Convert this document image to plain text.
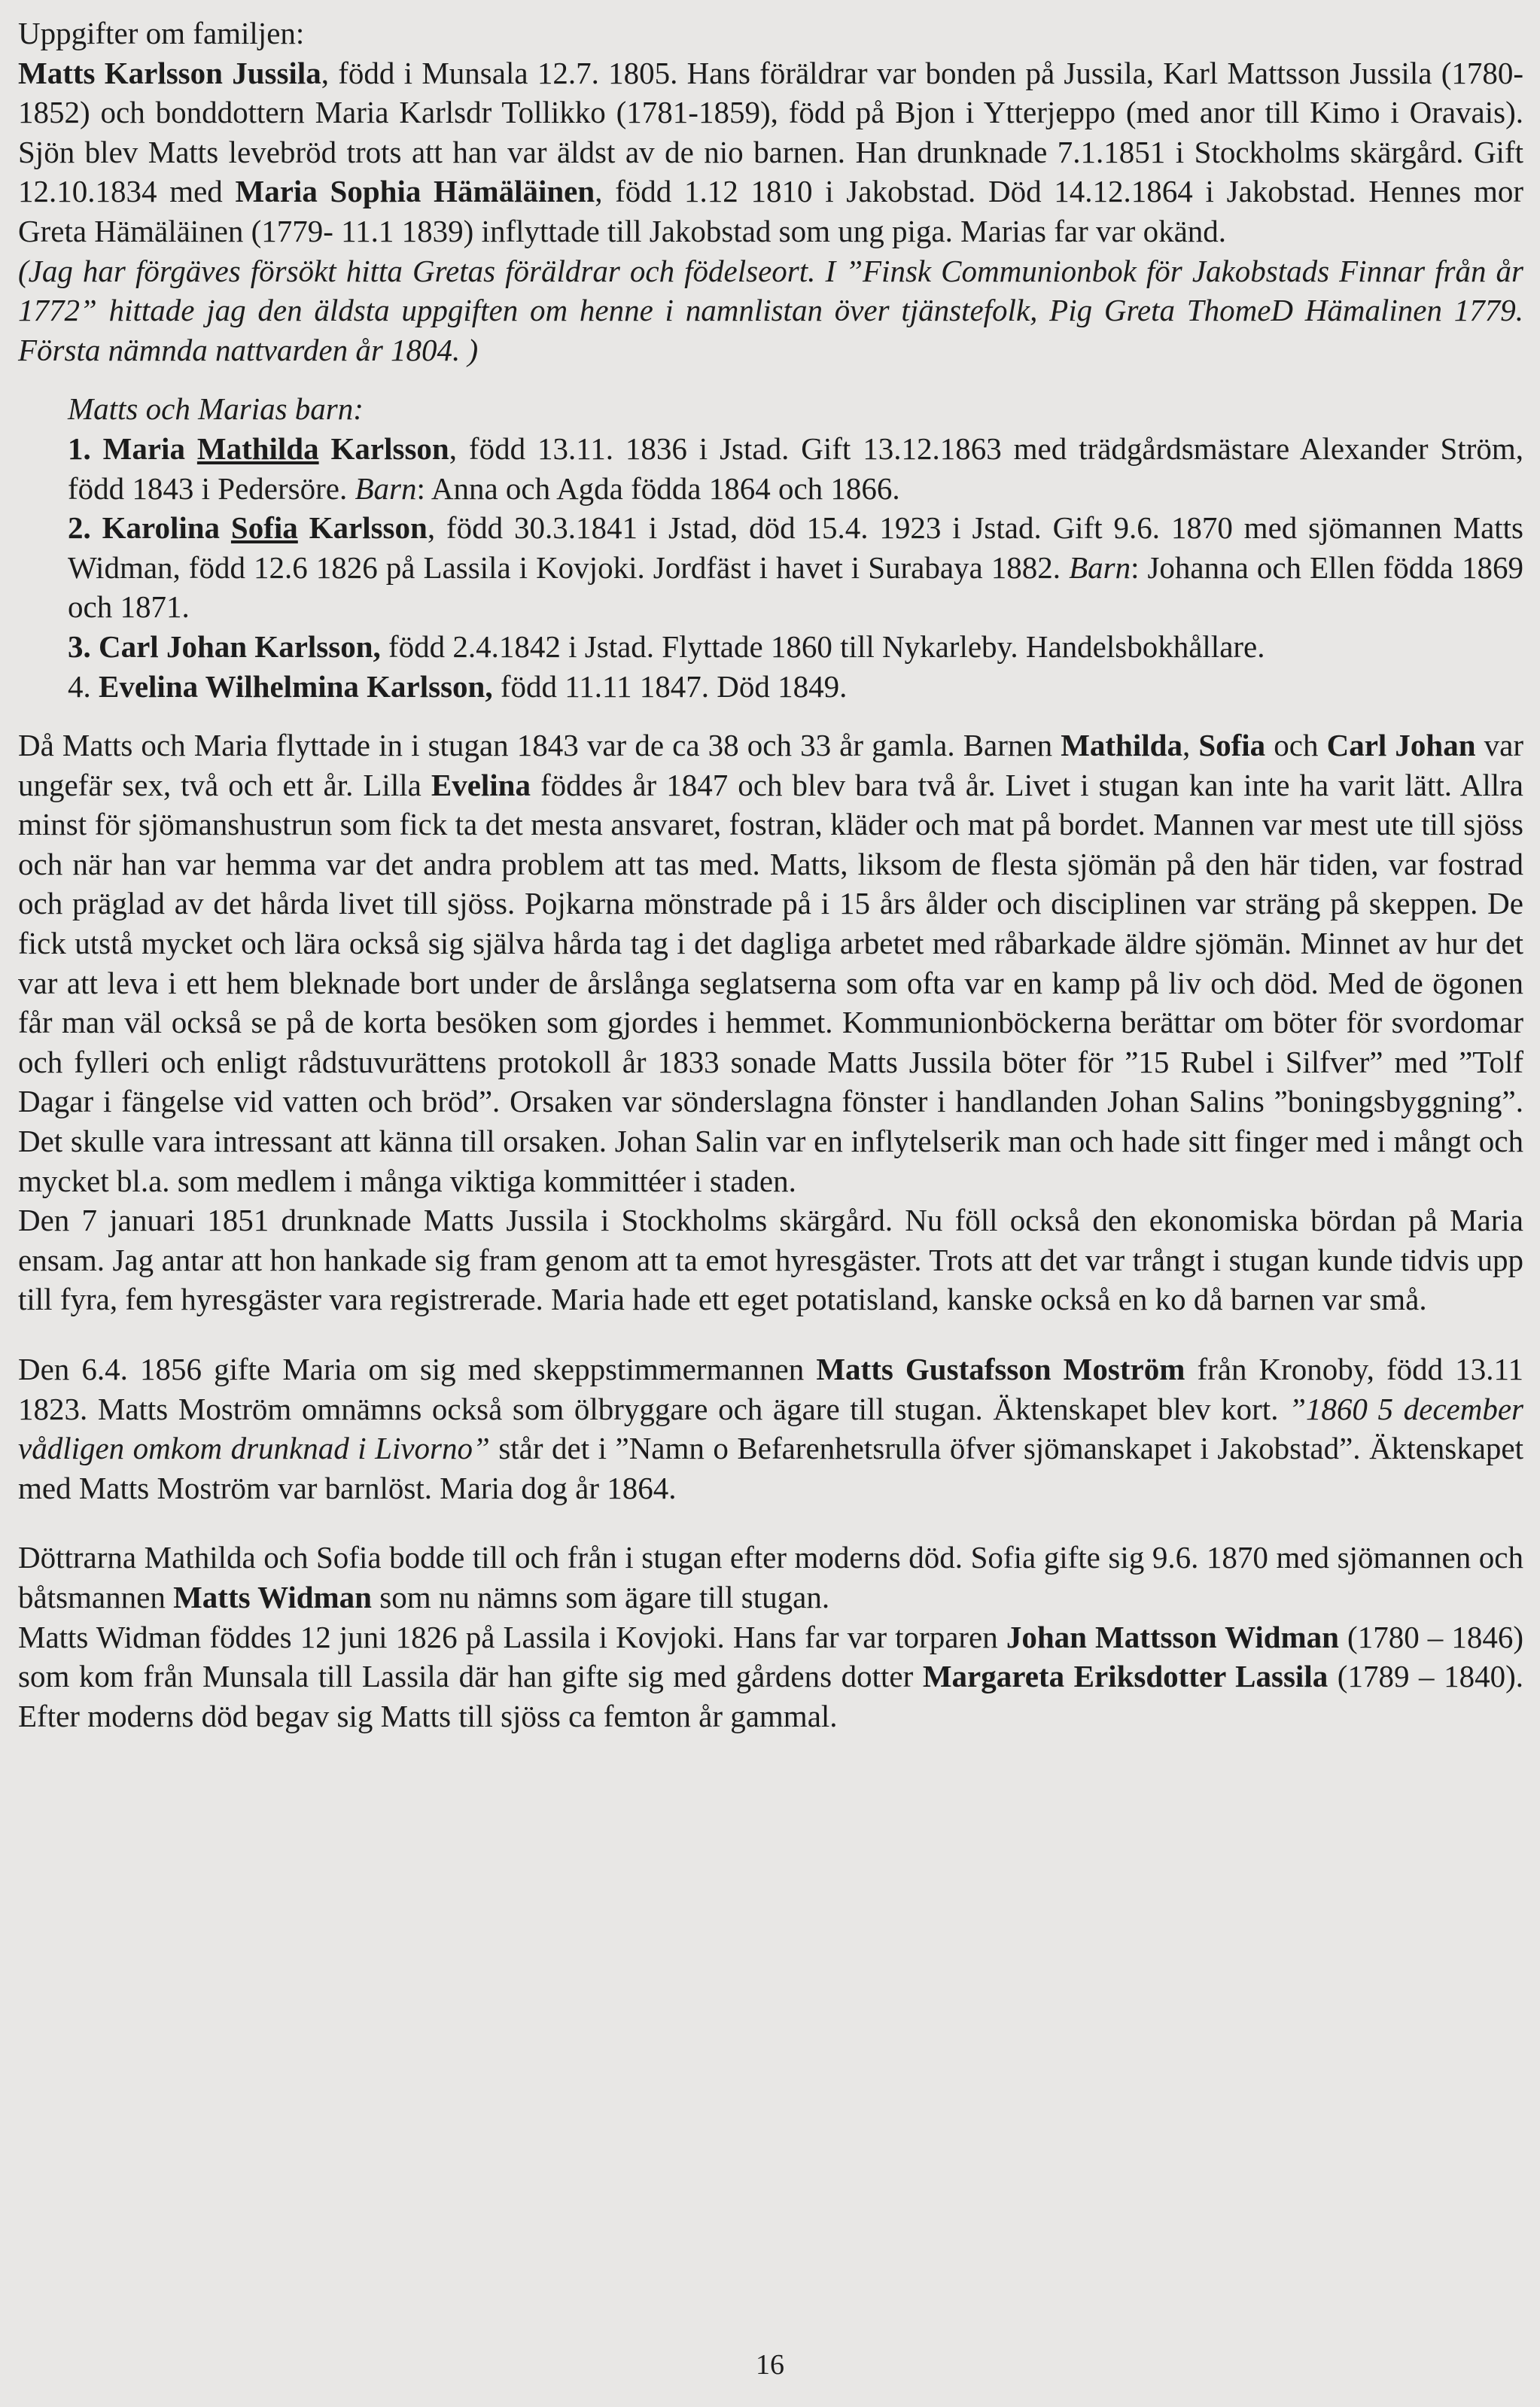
Uppgifter om familjen:

Matts Karlsson Jussila, född i Munsala 12.7. 1805. Hans föräldrar var bonden på Jussila, Karl Mattsson Jussila (1780-1852) och bonddottern Maria Karlsdr Tollikko (1781-1859), född på Bjon i Ytterjeppo (med anor till Kimo i Oravais). Sjön blev Matts levebröd trots att han var äldst av de nio barnen. Han drunknade 7.1.1851 i Stockholms skärgård. Gift 12.10.1834 med Maria Sophia Hämäläinen, född 1.12 1810 i Jakobstad. Död 14.12.1864 i Jakobstad. Hennes mor Greta Hämäläinen (1779- 11.1 1839) inflyttade till Jakobstad som ung piga. Marias far var okänd.

(Jag har förgäves försökt hitta Gretas föräldrar och födelseort. I ”Finsk Communionbok för Jakobstads Finnar från år 1772” hittade jag den äldsta uppgiften om henne i namnlistan över tjänstefolk, Pig Greta ThomeD Hämalinen 1779. Första nämnda nattvarden år 1804. )

Matts och Marias barn:

1. Maria Mathilda Karlsson, född 13.11. 1836 i Jstad. Gift 13.12.1863 med trädgårdsmästare Alexander Ström, född 1843 i Pedersöre. Barn: Anna och Agda födda 1864 och 1866.

2. Karolina Sofia Karlsson, född 30.3.1841 i Jstad, död 15.4. 1923 i Jstad. Gift 9.6. 1870 med sjömannen Matts Widman, född 12.6 1826 på Lassila i Kovjoki. Jordfäst i havet i Surabaya 1882. Barn: Johanna och Ellen födda 1869 och 1871.

3. Carl Johan Karlsson, född 2.4.1842 i Jstad. Flyttade 1860 till Nykarleby. Handelsbokhållare.

4. Evelina Wilhelmina Karlsson, född 11.11 1847. Död 1849.

Då Matts och Maria flyttade in i stugan 1843 var de ca 38 och 33 år gamla. Barnen Mathilda, Sofia och Carl Johan var ungefär sex, två och ett år. Lilla Evelina föddes år 1847 och blev bara två år. Livet i stugan kan inte ha varit lätt. Allra minst för sjömanshustrun som fick ta det mesta ansvaret, fostran, kläder och mat på bordet. Mannen var mest ute till sjöss och när han var hemma var det andra problem att tas med. Matts, liksom de flesta sjömän på den här tiden, var fostrad och präglad av det hårda livet till sjöss. Pojkarna mönstrade på i 15 års ålder och disciplinen var sträng på skeppen. De fick utstå mycket och lära också sig själva hårda tag i det dagliga arbetet med råbarkade äldre sjömän. Minnet av hur det var att leva i ett hem bleknade bort under de årslånga seglatserna som ofta var en kamp på liv och död. Med de ögonen får man väl också se på de korta besöken som gjordes i hemmet. Kommunionböckerna berättar om böter för svordomar och fylleri och enligt rådstuvurättens protokoll år 1833 sonade Matts Jussila böter för ”15 Rubel i Silfver” med ”Tolf Dagar i fängelse vid vatten och bröd”. Orsaken var sönderslagna fönster i handlanden Johan Salins ”boningsbyggning”. Det skulle vara intressant att känna till orsaken. Johan Salin var en inflytelserik man och hade sitt finger med i mångt och mycket bl.a. som medlem i många viktiga kommittéer i staden.

Den 7 januari 1851 drunknade Matts Jussila i Stockholms skärgård. Nu föll också den ekonomiska bördan på Maria ensam. Jag antar att hon hankade sig fram genom att ta emot hyresgäster. Trots att det var trångt i stugan kunde tidvis upp till fyra, fem hyresgäster vara registrerade. Maria hade ett eget potatisland, kanske också en ko då barnen var små.

Den 6.4. 1856 gifte Maria om sig med skeppstimmermannen Matts Gustafsson Moström från Kronoby, född 13.11 1823. Matts Moström omnämns också som ölbryggare och ägare till stugan. Äktenskapet blev kort. ”1860 5 december vådligen omkom drunknad i Livorno” står det i ”Namn o Befarenhetsrulla öfver sjömanskapet i Jakobstad”. Äktenskapet med Matts Moström var barnlöst. Maria dog år 1864.

Döttrarna Mathilda och Sofia bodde till och från i stugan efter moderns död. Sofia gifte sig 9.6. 1870 med sjömannen och båtsmannen Matts Widman som nu nämns som ägare till stugan.

Matts Widman föddes 12 juni 1826 på Lassila i Kovjoki. Hans far var torparen Johan Mattsson Widman (1780 – 1846) som kom från Munsala till Lassila där han gifte sig med gårdens dotter Margareta Eriksdotter Lassila (1789 – 1840). Efter moderns död begav sig Matts till sjöss ca femton år gammal.

16
